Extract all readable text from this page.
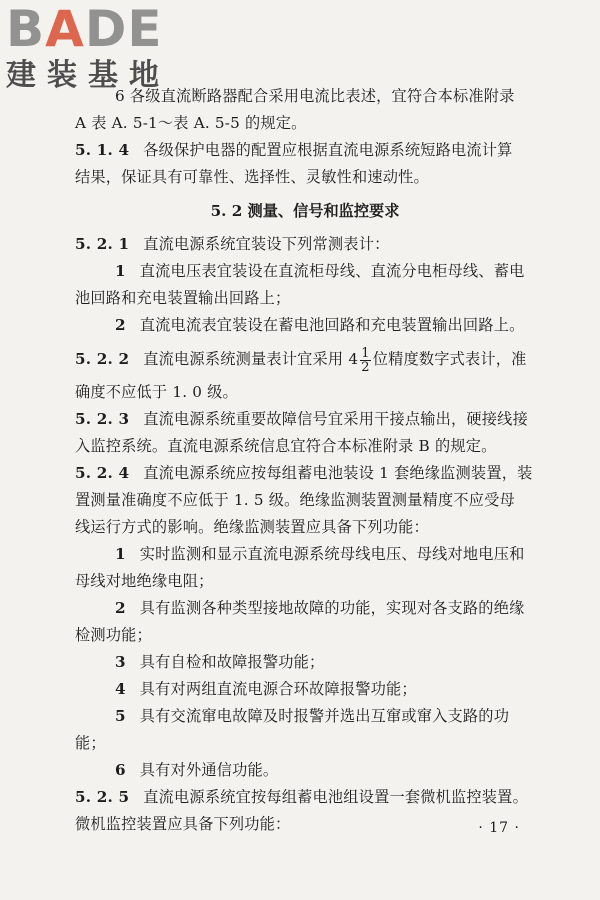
BADE
建装基地
6 各级直流断路器配合采用电流比表述，宜符合本标准附录
A 表 A. 5-1～表 A. 5-5 的规定。
5. 1. 4 各级保护电器的配置应根据直流电源系统短路电流计算
结果，保证具有可靠性、选择性、灵敏性和速动性。
5. 2 测量、信号和监控要求
5. 2. 1 直流电源系统宜装设下列常测表计：
1 直流电压表宜装设在直流柜母线、直流分电柜母线、蓄电
池回路和充电装置输出回路上；
2 直流电流表宜装设在蓄电池回路和充电装置输出回路上。
5. 2. 2 直流电源系统测量表计宜采用 $4 \frac{1}{2}$ 位精度数字式表计，准
确度不应低于 1. 0 级。
5. 2. 3 直流电源系统重要故障信号宜采用干接点输出，硬接线接
入监控系统。直流电源系统信息宜符合本标准附录 B 的规定。
5. 2. 4 直流电源系统应按每组蓄电池装设 1 套绝缘监测装置，装
置测量准确度不应低于 1. 5 级。绝缘监测装置测量精度不应受母
线运行方式的影响。绝缘监测装置应具备下列功能：
1 实时监测和显示直流电源系统母线电压、母线对地电压和
母线对地绝缘电阻；
2 具有监测各种类型接地故障的功能，实现对各支路的绝缘
检测功能；
3 具有自检和故障报警功能；
4 具有对两组直流电源合环故障报警功能；
5 具有交流窜电故障及时报警并选出互窜或窜入支路的功
能；
6 具有对外通信功能。
5. 2. 5 直流电源系统宜按每组蓄电池组设置一套微机监控装置。
微机监控装置应具备下列功能：	· 17 ·
